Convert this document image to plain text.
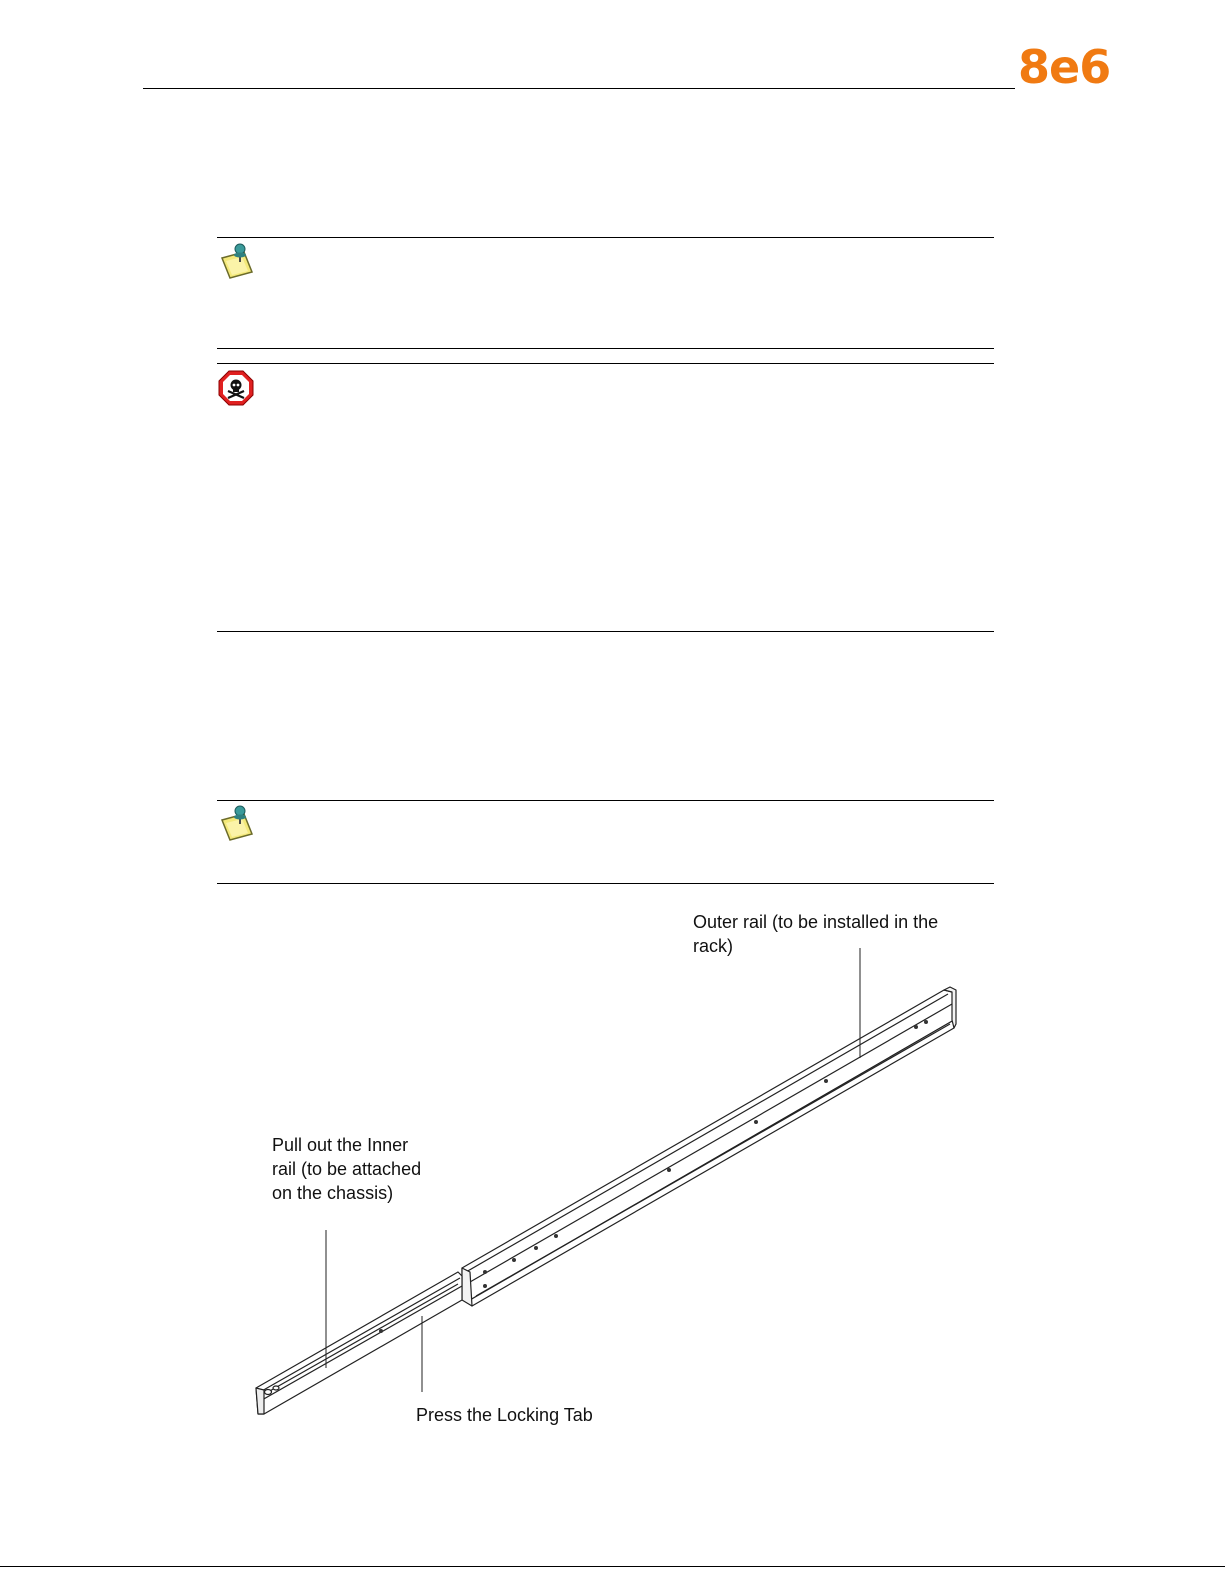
8e6
Outer rail (to be installed in the
rack)
Pull out the Inner
rail (to be attached
on the chassis)
Press the Locking Tab
